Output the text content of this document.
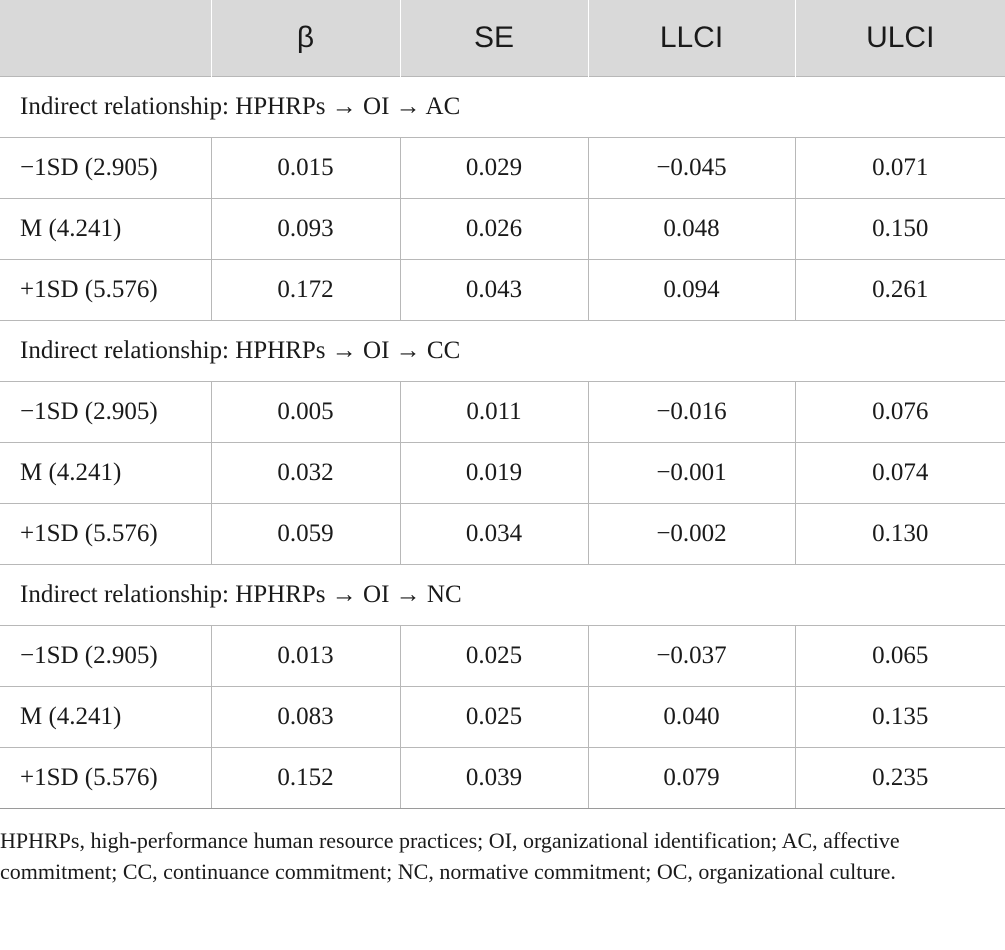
	β	SE	LLCI	ULCI
Indirect relationship: HPHRPs → OI → AC				
−1SD (2.905)	0.015	0.029	−0.045	0.071
M (4.241)	0.093	0.026	0.048	0.150
+1SD (5.576)	0.172	0.043	0.094	0.261
Indirect relationship: HPHRPs → OI → CC				
−1SD (2.905)	0.005	0.011	−0.016	0.076
M (4.241)	0.032	0.019	−0.001	0.074
+1SD (5.576)	0.059	0.034	−0.002	0.130
Indirect relationship: HPHRPs → OI → NC				
−1SD (2.905)	0.013	0.025	−0.037	0.065
M (4.241)	0.083	0.025	0.040	0.135
+1SD (5.576)	0.152	0.039	0.079	0.235

HPHRPs, high-performance human resource practices; OI, organizational identification; AC, affective commitment; CC, continuance commitment; NC, normative commitment; OC, organizational culture.
